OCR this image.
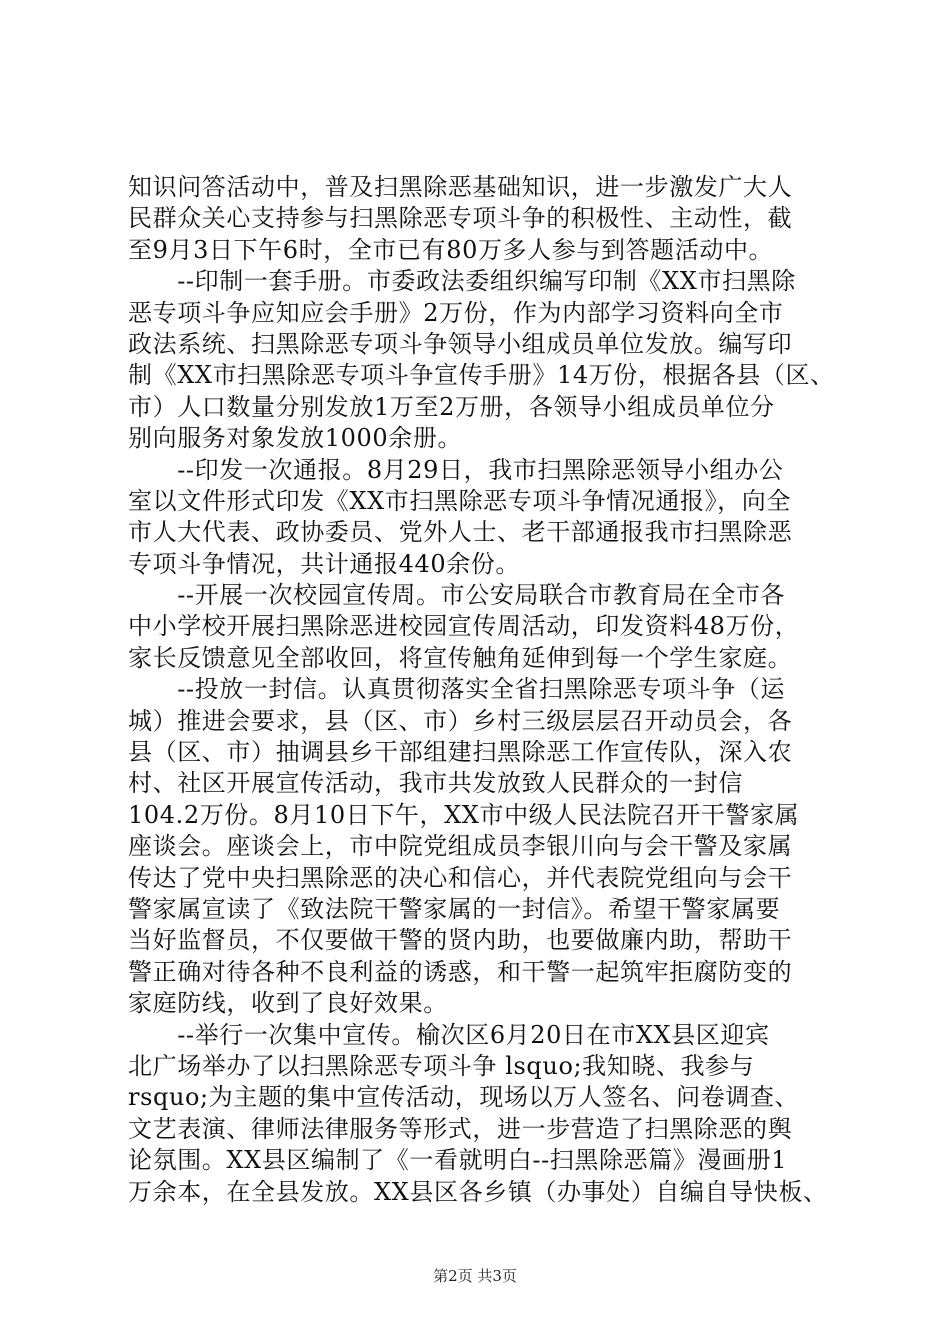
知识问答活动中，普及扫黑除恶基础知识，进一步激发广大人
民群众关心支持参与扫黑除恶专项斗争的积极性、主动性，截
至9月3日下午6时，全市已有80万多人参与到答题活动中。
　　--印制一套手册。市委政法委组织编写印制《XX市扫黑除
恶专项斗争应知应会手册》2万份，作为内部学习资料向全市
政法系统、扫黑除恶专项斗争领导小组成员单位发放。编写印
制《XX市扫黑除恶专项斗争宣传手册》14万份，根据各县（区、
市）人口数量分别发放1万至2万册，各领导小组成员单位分
别向服务对象发放1000余册。
　　--印发一次通报。8月29日，我市扫黑除恶领导小组办公
室以文件形式印发《XX市扫黑除恶专项斗争情况通报》，向全
市人大代表、政协委员、党外人士、老干部通报我市扫黑除恶
专项斗争情况，共计通报440余份。
　　--开展一次校园宣传周。市公安局联合市教育局在全市各
中小学校开展扫黑除恶进校园宣传周活动，印发资料48万份，
家长反馈意见全部收回，将宣传触角延伸到每一个学生家庭。
　　--投放一封信。认真贯彻落实全省扫黑除恶专项斗争（运
城）推进会要求，县（区、市）乡村三级层层召开动员会，各
县（区、市）抽调县乡干部组建扫黑除恶工作宣传队，深入农
村、社区开展宣传活动，我市共发放致人民群众的一封信
104.2万份。8月10日下午，XX市中级人民法院召开干警家属
座谈会。座谈会上，市中院党组成员李银川向与会干警及家属
传达了党中央扫黑除恶的决心和信心，并代表院党组向与会干
警家属宣读了《致法院干警家属的一封信》。希望干警家属要
当好监督员，不仅要做干警的贤内助，也要做廉内助，帮助干
警正确对待各种不良利益的诱惑，和干警一起筑牢拒腐防变的
家庭防线，收到了良好效果。
　　--举行一次集中宣传。榆次区6月20日在市XX县区迎宾
北广场举办了以扫黑除恶专项斗争 lsquo;我知晓、我参与
rsquo;为主题的集中宣传活动，现场以万人签名、问卷调查、
文艺表演、律师法律服务等形式，进一步营造了扫黑除恶的舆
论氛围。XX县区编制了《一看就明白--扫黑除恶篇》漫画册1
万余本，在全县发放。XX县区各乡镇（办事处）自编自导快板、
第2页 共3页
